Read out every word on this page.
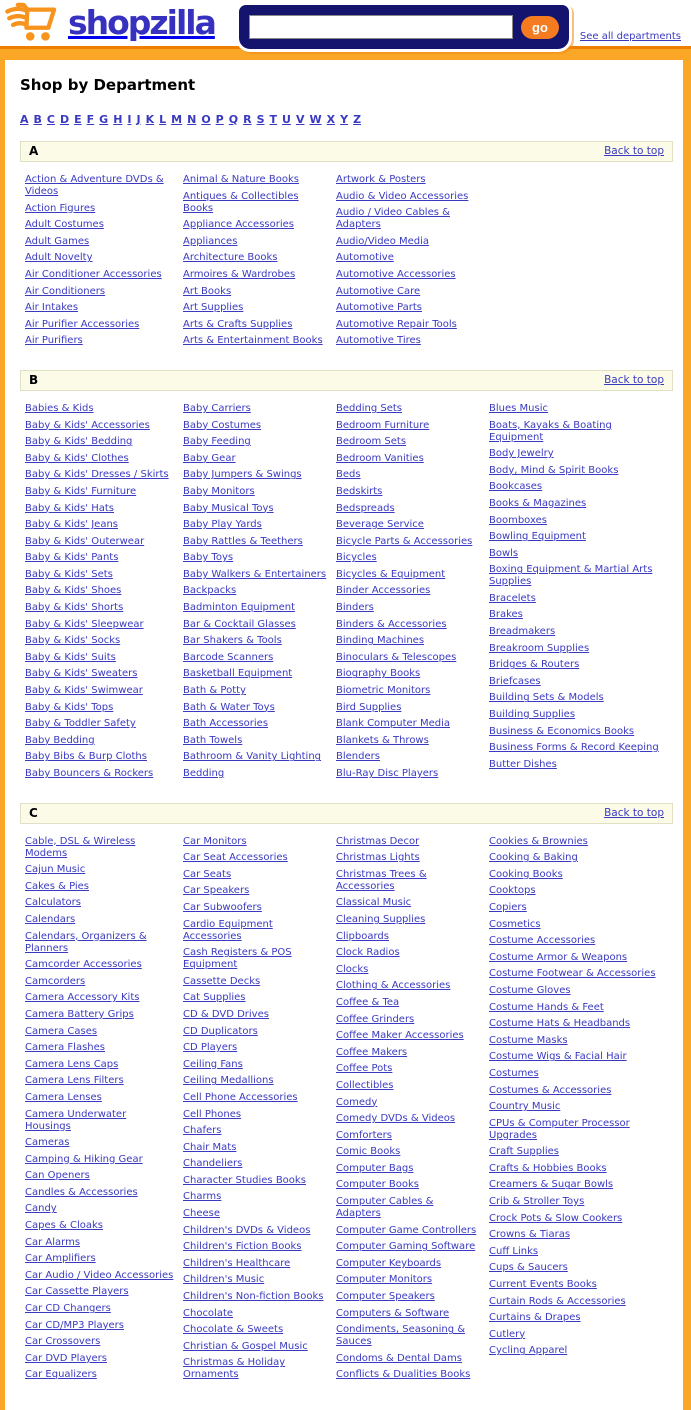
shopzilla	go
See all departments
Shop by Department
A B C D E F G H I J K L M N O P Q R S T U V W X Y Z
A	Back to top
Action & Adventure DVDs & Videos
Action Figures
Adult Costumes
Adult Games
Adult Novelty
Air Conditioner Accessories
Air Conditioners
Air Intakes
Air Purifier Accessories
Air Purifiers
Animal & Nature Books
Antiques & Collectibles Books
Appliance Accessories
Appliances
Architecture Books
Armoires & Wardrobes
Art Books
Art Supplies
Arts & Crafts Supplies
Arts & Entertainment Books
Artwork & Posters
Audio & Video Accessories
Audio / Video Cables & Adapters
Audio/Video Media
Automotive
Automotive Accessories
Automotive Care
Automotive Parts
Automotive Repair Tools
Automotive Tires
B	Back to top
Babies & Kids
Baby & Kids' Accessories
Baby & Kids' Bedding
Baby & Kids' Clothes
Baby & Kids' Dresses / Skirts
Baby & Kids' Furniture
Baby & Kids' Hats
Baby & Kids' Jeans
Baby & Kids' Outerwear
Baby & Kids' Pants
Baby & Kids' Sets
Baby & Kids' Shoes
Baby & Kids' Shorts
Baby & Kids' Sleepwear
Baby & Kids' Socks
Baby & Kids' Suits
Baby & Kids' Sweaters
Baby & Kids' Swimwear
Baby & Kids' Tops
Baby & Toddler Safety
Baby Bedding
Baby Bibs & Burp Cloths
Baby Bouncers & Rockers
Baby Carriers
Baby Costumes
Baby Feeding
Baby Gear
Baby Jumpers & Swings
Baby Monitors
Baby Musical Toys
Baby Play Yards
Baby Rattles & Teethers
Baby Toys
Baby Walkers & Entertainers
Backpacks
Badminton Equipment
Bar & Cocktail Glasses
Bar Shakers & Tools
Barcode Scanners
Basketball Equipment
Bath & Potty
Bath & Water Toys
Bath Accessories
Bath Towels
Bathroom & Vanity Lighting
Bedding
Bedding Sets
Bedroom Furniture
Bedroom Sets
Bedroom Vanities
Beds
Bedskirts
Bedspreads
Beverage Service
Bicycle Parts & Accessories
Bicycles
Bicycles & Equipment
Binder Accessories
Binders
Binders & Accessories
Binding Machines
Binoculars & Telescopes
Biography Books
Biometric Monitors
Bird Supplies
Blank Computer Media
Blankets & Throws
Blenders
Blu-Ray Disc Players
Blues Music
Boats, Kayaks & Boating Equipment
Body Jewelry
Body, Mind & Spirit Books
Bookcases
Books & Magazines
Boomboxes
Bowling Equipment
Bowls
Boxing Equipment & Martial Arts Supplies
Bracelets
Brakes
Breadmakers
Breakroom Supplies
Bridges & Routers
Briefcases
Building Sets & Models
Building Supplies
Business & Economics Books
Business Forms & Record Keeping
Butter Dishes
C	Back to top
Cable, DSL & Wireless Modems
Cajun Music
Cakes & Pies
Calculators
Calendars
Calendars, Organizers & Planners
Camcorder Accessories
Camcorders
Camera Accessory Kits
Camera Battery Grips
Camera Cases
Camera Flashes
Camera Lens Caps
Camera Lens Filters
Camera Lenses
Camera Underwater Housings
Cameras
Camping & Hiking Gear
Can Openers
Candles & Accessories
Candy
Capes & Cloaks
Car Alarms
Car Amplifiers
Car Audio / Video Accessories
Car Cassette Players
Car CD Changers
Car CD/MP3 Players
Car Crossovers
Car DVD Players
Car Equalizers
Car Monitors
Car Seat Accessories
Car Seats
Car Speakers
Car Subwoofers
Cardio Equipment Accessories
Cash Registers & POS Equipment
Cassette Decks
Cat Supplies
CD & DVD Drives
CD Duplicators
CD Players
Ceiling Fans
Ceiling Medallions
Cell Phone Accessories
Cell Phones
Chafers
Chair Mats
Chandeliers
Character Studies Books
Charms
Cheese
Children's DVDs & Videos
Children's Fiction Books
Children's Healthcare
Children's Music
Children's Non-fiction Books
Chocolate
Chocolate & Sweets
Christian & Gospel Music
Christmas & Holiday Ornaments
Christmas Decor
Christmas Lights
Christmas Trees & Accessories
Classical Music
Cleaning Supplies
Clipboards
Clock Radios
Clocks
Clothing & Accessories
Coffee & Tea
Coffee Grinders
Coffee Maker Accessories
Coffee Makers
Coffee Pots
Collectibles
Comedy
Comedy DVDs & Videos
Comforters
Comic Books
Computer Bags
Computer Books
Computer Cables & Adapters
Computer Game Controllers
Computer Gaming Software
Computer Keyboards
Computer Monitors
Computer Speakers
Computers & Software
Condiments, Seasoning & Sauces
Condoms & Dental Dams
Conflicts & Dualities Books
Cookies & Brownies
Cooking & Baking
Cooking Books
Cooktops
Copiers
Cosmetics
Costume Accessories
Costume Armor & Weapons
Costume Footwear & Accessories
Costume Gloves
Costume Hands & Feet
Costume Hats & Headbands
Costume Masks
Costume Wigs & Facial Hair
Costumes
Costumes & Accessories
Country Music
CPUs & Computer Processor Upgrades
Craft Supplies
Crafts & Hobbies Books
Creamers & Sugar Bowls
Crib & Stroller Toys
Crock Pots & Slow Cookers
Crowns & Tiaras
Cuff Links
Cups & Saucers
Current Events Books
Curtain Rods & Accessories
Curtains & Drapes
Cutlery
Cycling Apparel
